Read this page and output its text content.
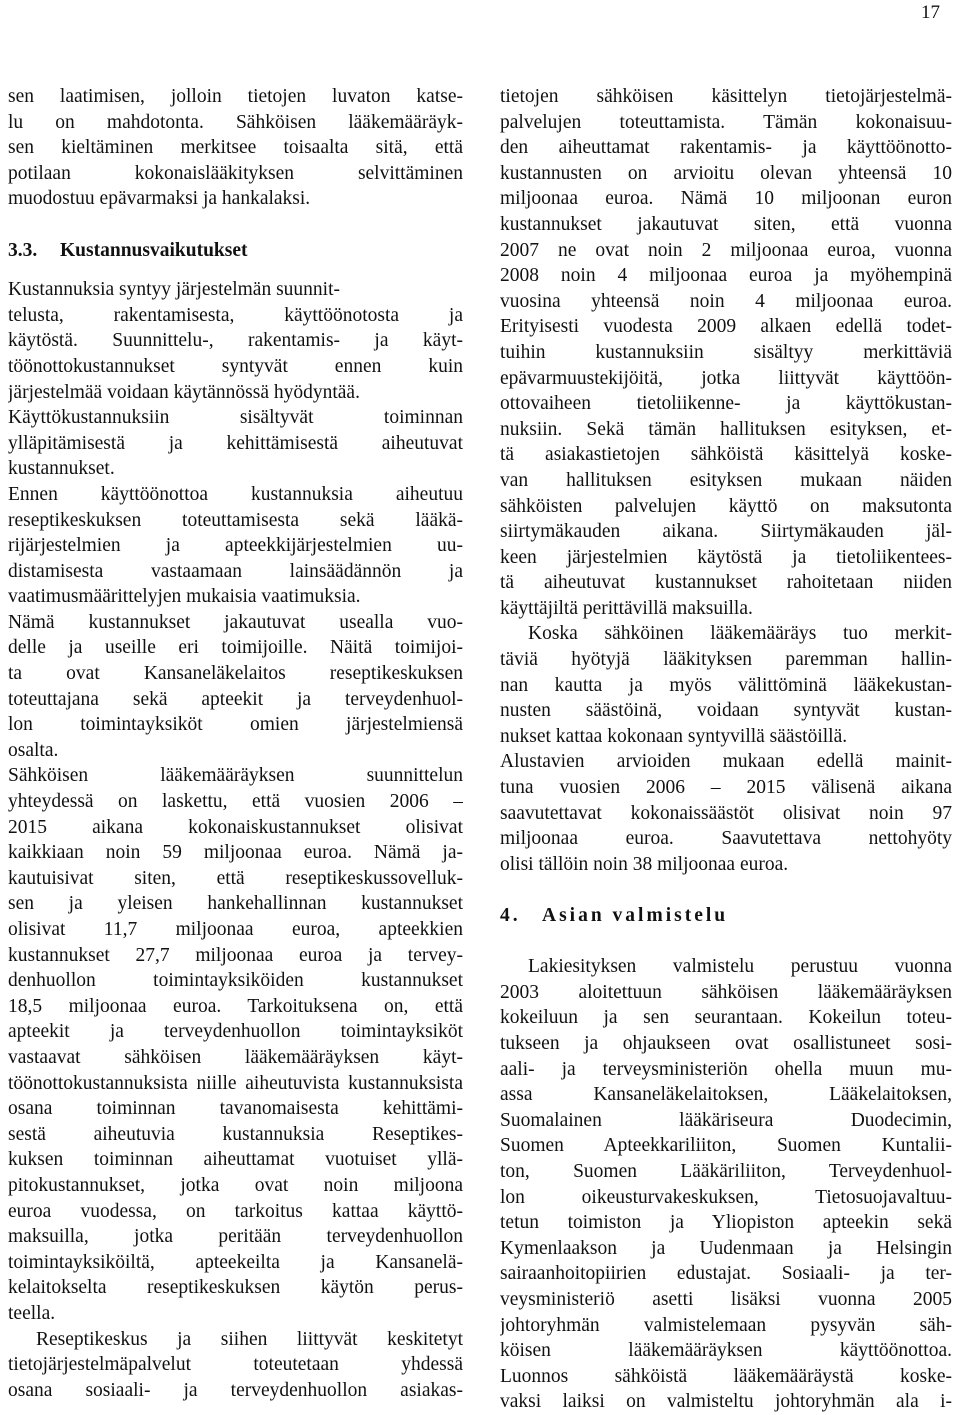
17

sen laatimisen, jolloin tietojen luvaton katse-

lu on mahdotonta. Sähköisen lääkemääräyk-

sen kieltäminen merkitsee toisaalta sitä, että

potilaan kokonaislääkityksen selvittäminen

muodostuu epävarmaksi ja hankalaksi.

3.3. Kustannusvaikutukset

Kustannuksia syntyy järjestelmän suunnit-

telusta, rakentamisesta, käyttöönotosta ja

käytöstä. Suunnittelu-, rakentamis- ja käyt-

töönottokustannukset syntyvät ennen kuin

järjestelmää voidaan käytännössä hyödyntää.

Käyttökustannuksiin sisältyvät toiminnan

ylläpitämisestä ja kehittämisestä aiheutuvat

kustannukset.

Ennen käyttöönottoa kustannuksia aiheutuu

reseptikeskuksen toteuttamisesta sekä lääkä-

rijärjestelmien ja apteekkijärjestelmien uu-

distamisesta vastaamaan lainsäädännön ja

vaatimusmäärittelyjen mukaisia vaatimuksia.

Nämä kustannukset jakautuvat usealla vuo-

delle ja useille eri toimijoille. Näitä toimijoi-

ta ovat Kansaneläkelaitos reseptikeskuksen

toteuttajana sekä apteekit ja terveydenhuol-

lon toimintayksiköt omien järjestelmiensä

osalta.

Sähköisen lääkemääräyksen suunnittelun

yhteydessä on laskettu, että vuosien 2006 –

2015 aikana kokonaiskustannukset olisivat

kaikkiaan noin 59 miljoonaa euroa. Nämä ja-

kautuisivat siten, että reseptikeskussovelluk-

sen ja yleisen hankehallinnan kustannukset

olisivat 11,7 miljoonaa euroa, apteekkien

kustannukset 27,7 miljoonaa euroa ja tervey-

denhuollon toimintayksiköiden kustannukset

18,5 miljoonaa euroa. Tarkoituksena on, että

apteekit ja terveydenhuollon toimintayksiköt

vastaavat sähköisen lääkemääräyksen käyt-

töönottokustannuksista niille aiheutuvista kustannuksista

osana toiminnan tavanomaisesta kehittämi-

sestä aiheutuvia kustannuksia Reseptikes-

kuksen toiminnan aiheuttamat vuotuiset yllä-

pitokustannukset, jotka ovat noin miljoona

euroa vuodessa, on tarkoitus kattaa käyttö-

maksuilla, jotka peritään terveydenhuollon

toimintayksiköiltä, apteekeilta ja Kansanelä-

kelaitokselta reseptikeskuksen käytön perus-

teella.

Reseptikeskus ja siihen liittyvät keskitetyt

tietojärjestelmäpalvelut toteutetaan yhdessä

osana sosiaali- ja terveydenhuollon asiakas-

tietojen sähköisen käsittelyn tietojärjestelmä-

palvelujen toteuttamista. Tämän kokonaisuu-

den aiheuttamat rakentamis- ja käyttöönotto-

kustannusten on arvioitu olevan yhteensä 10

miljoonaa euroa. Nämä 10 miljoonan euron

kustannukset jakautuvat siten, että vuonna

2007 ne ovat noin 2 miljoonaa euroa, vuonna

2008 noin 4 miljoonaa euroa ja myöhempinä

vuosina yhteensä noin 4 miljoonaa euroa.

Erityisesti vuodesta 2009 alkaen edellä todet-

tuihin kustannuksiin sisältyy merkittäviä

epävarmuustekijöitä, jotka liittyvät käyttöön-

ottovaiheen tietoliikenne- ja käyttökustan-

nuksiin. Sekä tämän hallituksen esityksen, et-

tä asiakastietojen sähköistä käsittelyä koske-

van hallituksen esityksen mukaan näiden

sähköisten palvelujen käyttö on maksutonta

siirtymäkauden aikana. Siirtymäkauden jäl-

keen järjestelmien käytöstä ja tietoliikentees-

tä aiheutuvat kustannukset rahoitetaan niiden

käyttäjiltä perittävillä maksuilla.

Koska sähköinen lääkemääräys tuo merkit-

täviä hyötyjä lääkityksen paremman hallin-

nan kautta ja myös välittöminä lääkekustan-

nusten säästöinä, voidaan syntyvät kustan-

nukset kattaa kokonaan syntyvillä säästöillä.

Alustavien arvioiden mukaan edellä mainit-

tuna vuosien 2006 – 2015 välisenä aikana

saavutettavat kokonaissäästöt olisivat noin 97

miljoonaa euroa. Saavutettava nettohyöty

olisi tällöin noin 38 miljoonaa euroa.

4. Asian valmistelu

Lakiesityksen valmistelu perustuu vuonna

2003 aloitettuun sähköisen lääkemääräyksen

kokeiluun ja sen seurantaan. Kokeilun toteu-

tukseen ja ohjaukseen ovat osallistuneet sosi-

aali- ja terveysministeriön ohella muun mu-

assa Kansaneläkelaitoksen, Lääkelaitoksen,

Suomalainen lääkäriseura Duodecimin,

Suomen Apteekkariliiton, Suomen Kuntalii-

ton, Suomen Lääkäriliiton, Terveydenhuol-

lon oikeusturvakeskuksen, Tietosuojavaltuu-

tetun toimiston ja Yliopiston apteekin sekä

Kymenlaakson ja Uudenmaan ja Helsingin

sairaanhoitopiirien edustajat. Sosiaali- ja ter-

veysministeriö asetti lisäksi vuonna 2005

johtoryhmän valmistelemaan pysyvän säh-

köisen lääkemääräyksen käyttöönottoa.

Luonnos sähköistä lääkemääräystä koske-

vaksi laiksi on valmisteltu johtoryhmän ala i-
